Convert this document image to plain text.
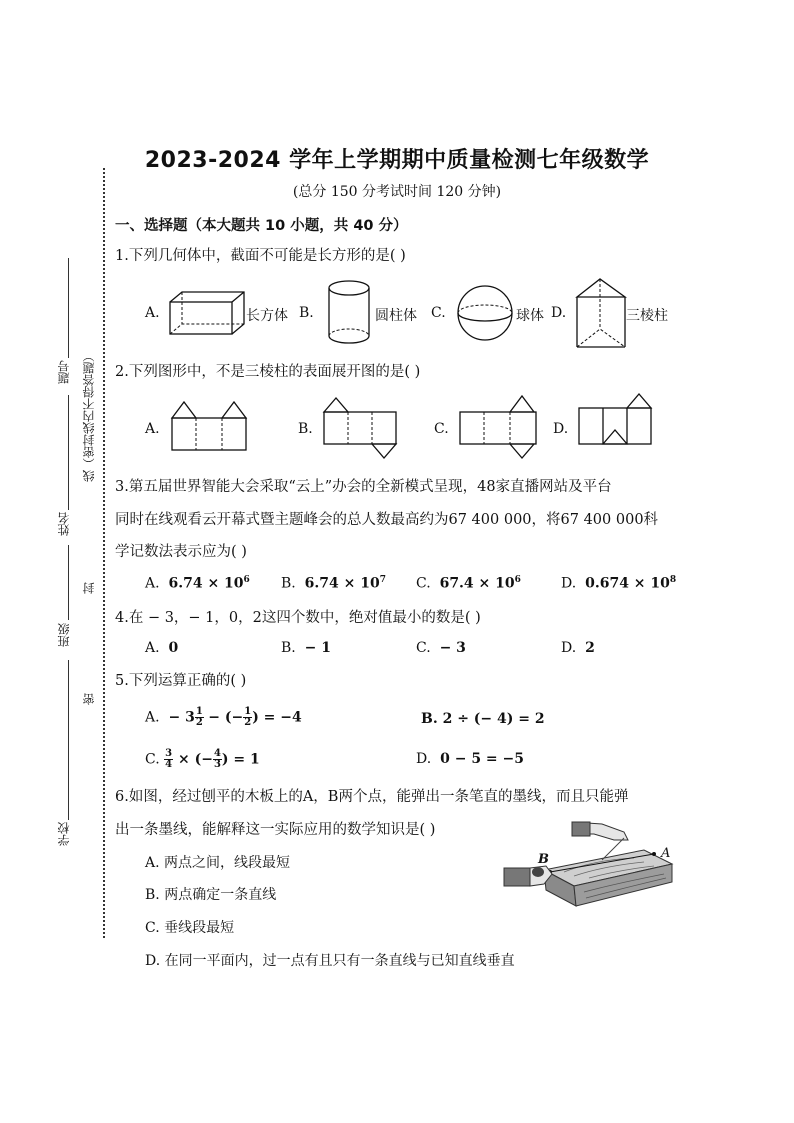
线（密封线内不得答题）
封
密
题号
姓名
班级
学校
2023-2024 学年上学期期中质量检测七年级数学
(总分 150 分考试时间 120 分钟)
一、选择题（本大题共 10 小题，共 40 分）
1.下列几何体中，截面不可能是长方形的是( )
A.	长方体 B.	圆柱体 C.	球体 D.	三棱柱
2.下列图形中，不是三棱柱的表面展开图的是( )
A.	B.	C.	D.
3.第五届世界智能大会采取“云上”办会的全新模式呈现，48家直播网站及平台
同时在线观看云开幕式暨主题峰会的总人数最高约为67 400 000，将67 400 000科
学记数法表示应为( )
A. $6.74 \times 10^6$ B. $6.74 \times 10^7$ C. $67.4 \times 10^6$	D. $0.674 \times 10^8$
4.在 − 3，− 1，0，2这四个数中，绝对值最小的数是( )
A. 0	B. − 1	C. − 3	D. 2
5.下列运算正确的( )
A. − $3 \frac{1}{2}$ − (− $\frac{1}{2}$ ) = −4	B. 2 ÷ (− 4) = 2
C. $\frac{3}{4}$ × (− $\frac{4}{3}$ ) = 1	D. 0 − 5 = −5
6.如图，经过刨平的木板上的A，B两个点，能弹出一条笔直的墨线，而且只能弹
出一条墨线，能解释这一实际应用的数学知识是( )
A. 两点之间，线段最短
B. 两点确定一条直线
C. 垂线段最短
D. 在同一平面内，过一点有且只有一条直线与已知直线垂直
B	A
